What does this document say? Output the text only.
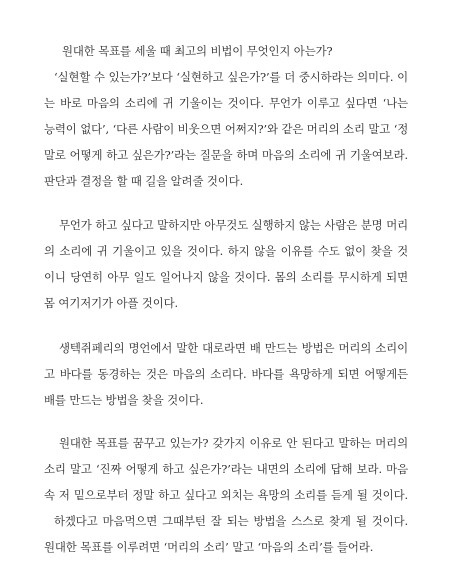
원대한 목표를 세울 때 최고의 비법이 무엇인지 아는가?
‘실현할 수 있는가?’보다 ‘실현하고 싶은가?’를 더 중시하라는 의미다. 이
는 바로 마음의 소리에 귀 기울이는 것이다. 무언가 이루고 싶다면 ‘나는
능력이 없다’, ‘다른 사람이 비웃으면 어쩌지?’와 같은 머리의 소리 말고 ‘정
말로 어떻게 하고 싶은가?’라는 질문을 하며 마음의 소리에 귀 기울여보라.
판단과 결정을 할 때 길을 알려줄 것이다.
무언가 하고 싶다고 말하지만 아무것도 실행하지 않는 사람은 분명 머리
의 소리에 귀 기울이고 있을 것이다. 하지 않을 이유를 수도 없이 찾을 것
이니 당연히 아무 일도 일어나지 않을 것이다. 몸의 소리를 무시하게 되면
몸 여기저기가 아플 것이다.
생텍쥐페리의 명언에서 말한 대로라면 배 만드는 방법은 머리의 소리이
고 바다를 동경하는 것은 마음의 소리다. 바다를 욕망하게 되면 어떻게든
배를 만드는 방법을 찾을 것이다.
원대한 목표를 꿈꾸고 있는가? 갖가지 이유로 안 된다고 말하는 머리의
소리 말고 ‘진짜 어떻게 하고 싶은가?’라는 내면의 소리에 답해 보라. 마음
속 저 밑으로부터 정말 하고 싶다고 외치는 욕망의 소리를 듣게 될 것이다.
하겠다고 마음먹으면 그때부턴 잘 되는 방법을 스스로 찾게 될 것이다.
원대한 목표를 이루려면 ‘머리의 소리’ 말고 ‘마음의 소리’를 들어라.
